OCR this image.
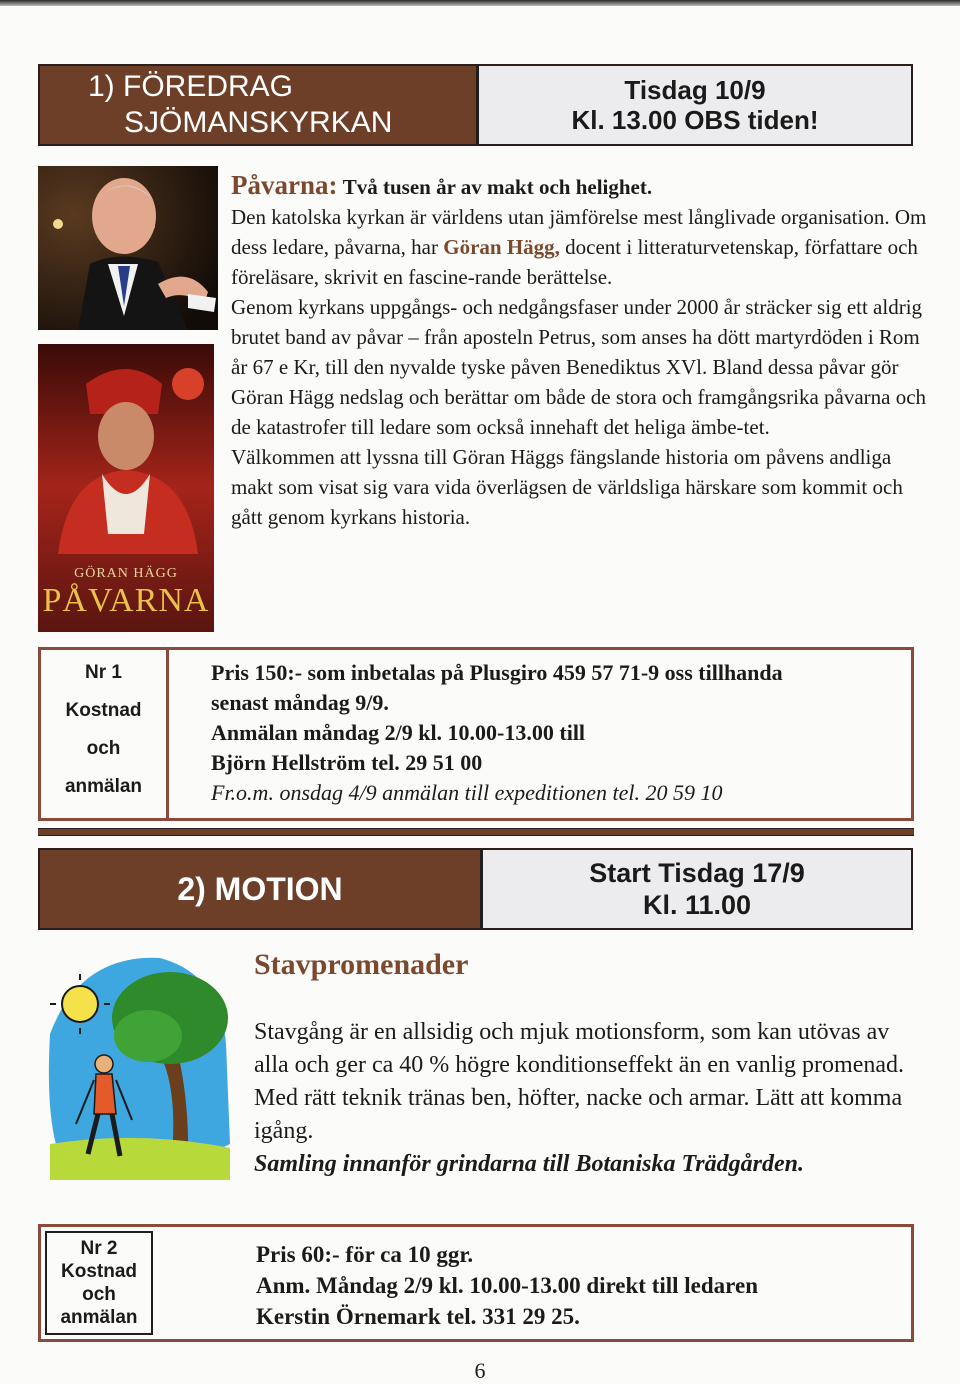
1) FÖREDRAG
SJÖMANSKYRKAN
Tisdag 10/9
Kl. 13.00 OBS tiden!
GÖRAN HÄGG
PÅVARNA

Påvarna: Två tusen år av makt och helighet.

Den katolska kyrkan är världens utan jämförelse mest långlivade organisation. Om dess ledare, påvarna, har Göran Hägg, docent i litteraturvetenskap, författare och föreläsare, skrivit en fascine-rande berättelse.

Genom kyrkans uppgångs- och nedgångsfaser under 2000 år sträcker sig ett aldrig brutet band av påvar – från aposteln Petrus, som anses ha dött martyrdöden i Rom år 67 e Kr, till den nyvalde tyske påven Benediktus XVl. Bland dessa påvar gör Göran Hägg nedslag och berättar om både de stora och framgångsrika påvarna och de katastrofer till ledare som också innehaft det heliga ämbe-tet.

Välkommen att lyssna till Göran Häggs fängslande historia om påvens andliga makt som visat sig vara vida överlägsen de världsliga härskare som kommit och gått genom kyrkans historia.

Nr 1
Kostnad
och
anmälan
Pris 150:- som inbetalas på Plusgiro 459 57 71-9 oss tillhanda
senast måndag 9/9.
Anmälan måndag 2/9 kl. 10.00-13.00 till
Björn Hellström tel. 29 51 00
Fr.o.m. onsdag 4/9 anmälan till expeditionen tel. 20 59 10
2) MOTION	Start Tisdag 17/9
Kl. 11.00
Stavpromenader
Stavgång är en allsidig och mjuk motionsform, som kan utövas av alla och ger ca 40 % högre konditionseffekt än en vanlig promenad. Med rätt teknik tränas ben, höfter, nacke och armar. Lätt att komma igång.
Samling innanför grindarna till Botaniska Trädgården.
Nr 2
Kostnad
och
anmälan
Pris 60:- för ca 10 ggr.
Anm. Måndag 2/9 kl. 10.00-13.00 direkt till ledaren
Kerstin Örnemark tel. 331 29 25.
6
